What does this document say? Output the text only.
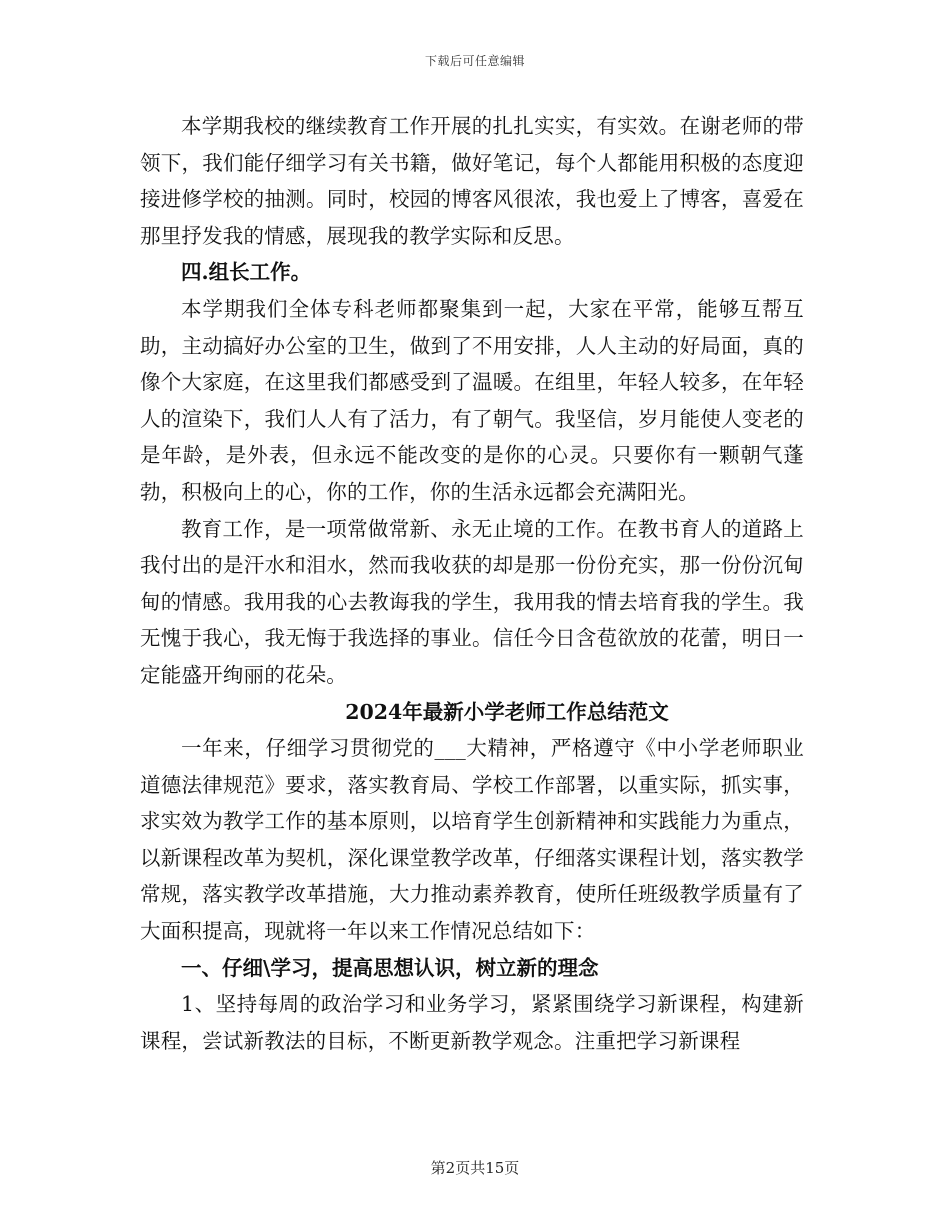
下载后可任意编辑

本学期我校的继续教育工作开展的扎扎实实，有实效。在谢老师的带领下，我们能仔细学习有关书籍，做好笔记，每个人都能用积极的态度迎接进修学校的抽测。同时，校园的博客风很浓，我也爱上了博客，喜爱在那里抒发我的情感，展现我的教学实际和反思。

四.组长工作。

本学期我们全体专科老师都聚集到一起，大家在平常，能够互帮互助，主动搞好办公室的卫生，做到了不用安排，人人主动的好局面，真的像个大家庭，在这里我们都感受到了温暖。在组里，年轻人较多，在年轻人的渲染下，我们人人有了活力，有了朝气。我坚信，岁月能使人变老的是年龄，是外表，但永远不能改变的是你的心灵。只要你有一颗朝气蓬勃，积极向上的心，你的工作，你的生活永远都会充满阳光。

教育工作，是一项常做常新、永无止境的工作。在教书育人的道路上我付出的是汗水和泪水，然而我收获的却是那一份份充实，那一份份沉甸甸的情感。我用我的心去教诲我的学生，我用我的情去培育我的学生。我无愧于我心，我无悔于我选择的事业。信任今日含苞欲放的花蕾，明日一定能盛开绚丽的花朵。

2024年最新小学老师工作总结范文

一年来，仔细学习贯彻党的___大精神，严格遵守《中小学老师职业道德法律规范》要求，落实教育局、学校工作部署，以重实际，抓实事，求实效为教学工作的基本原则，以培育学生创新精神和实践能力为重点，以新课程改革为契机，深化课堂教学改革，仔细落实课程计划，落实教学常规，落实教学改革措施，大力推动素养教育，使所任班级教学质量有了大面积提高，现就将一年以来工作情况总结如下：

一、仔细\学习，提高思想认识，树立新的理念

1、坚持每周的政治学习和业务学习，紧紧围绕学习新课程，构建新课程，尝试新教法的目标，不断更新教学观念。注重把学习新课程

第2页共15页
